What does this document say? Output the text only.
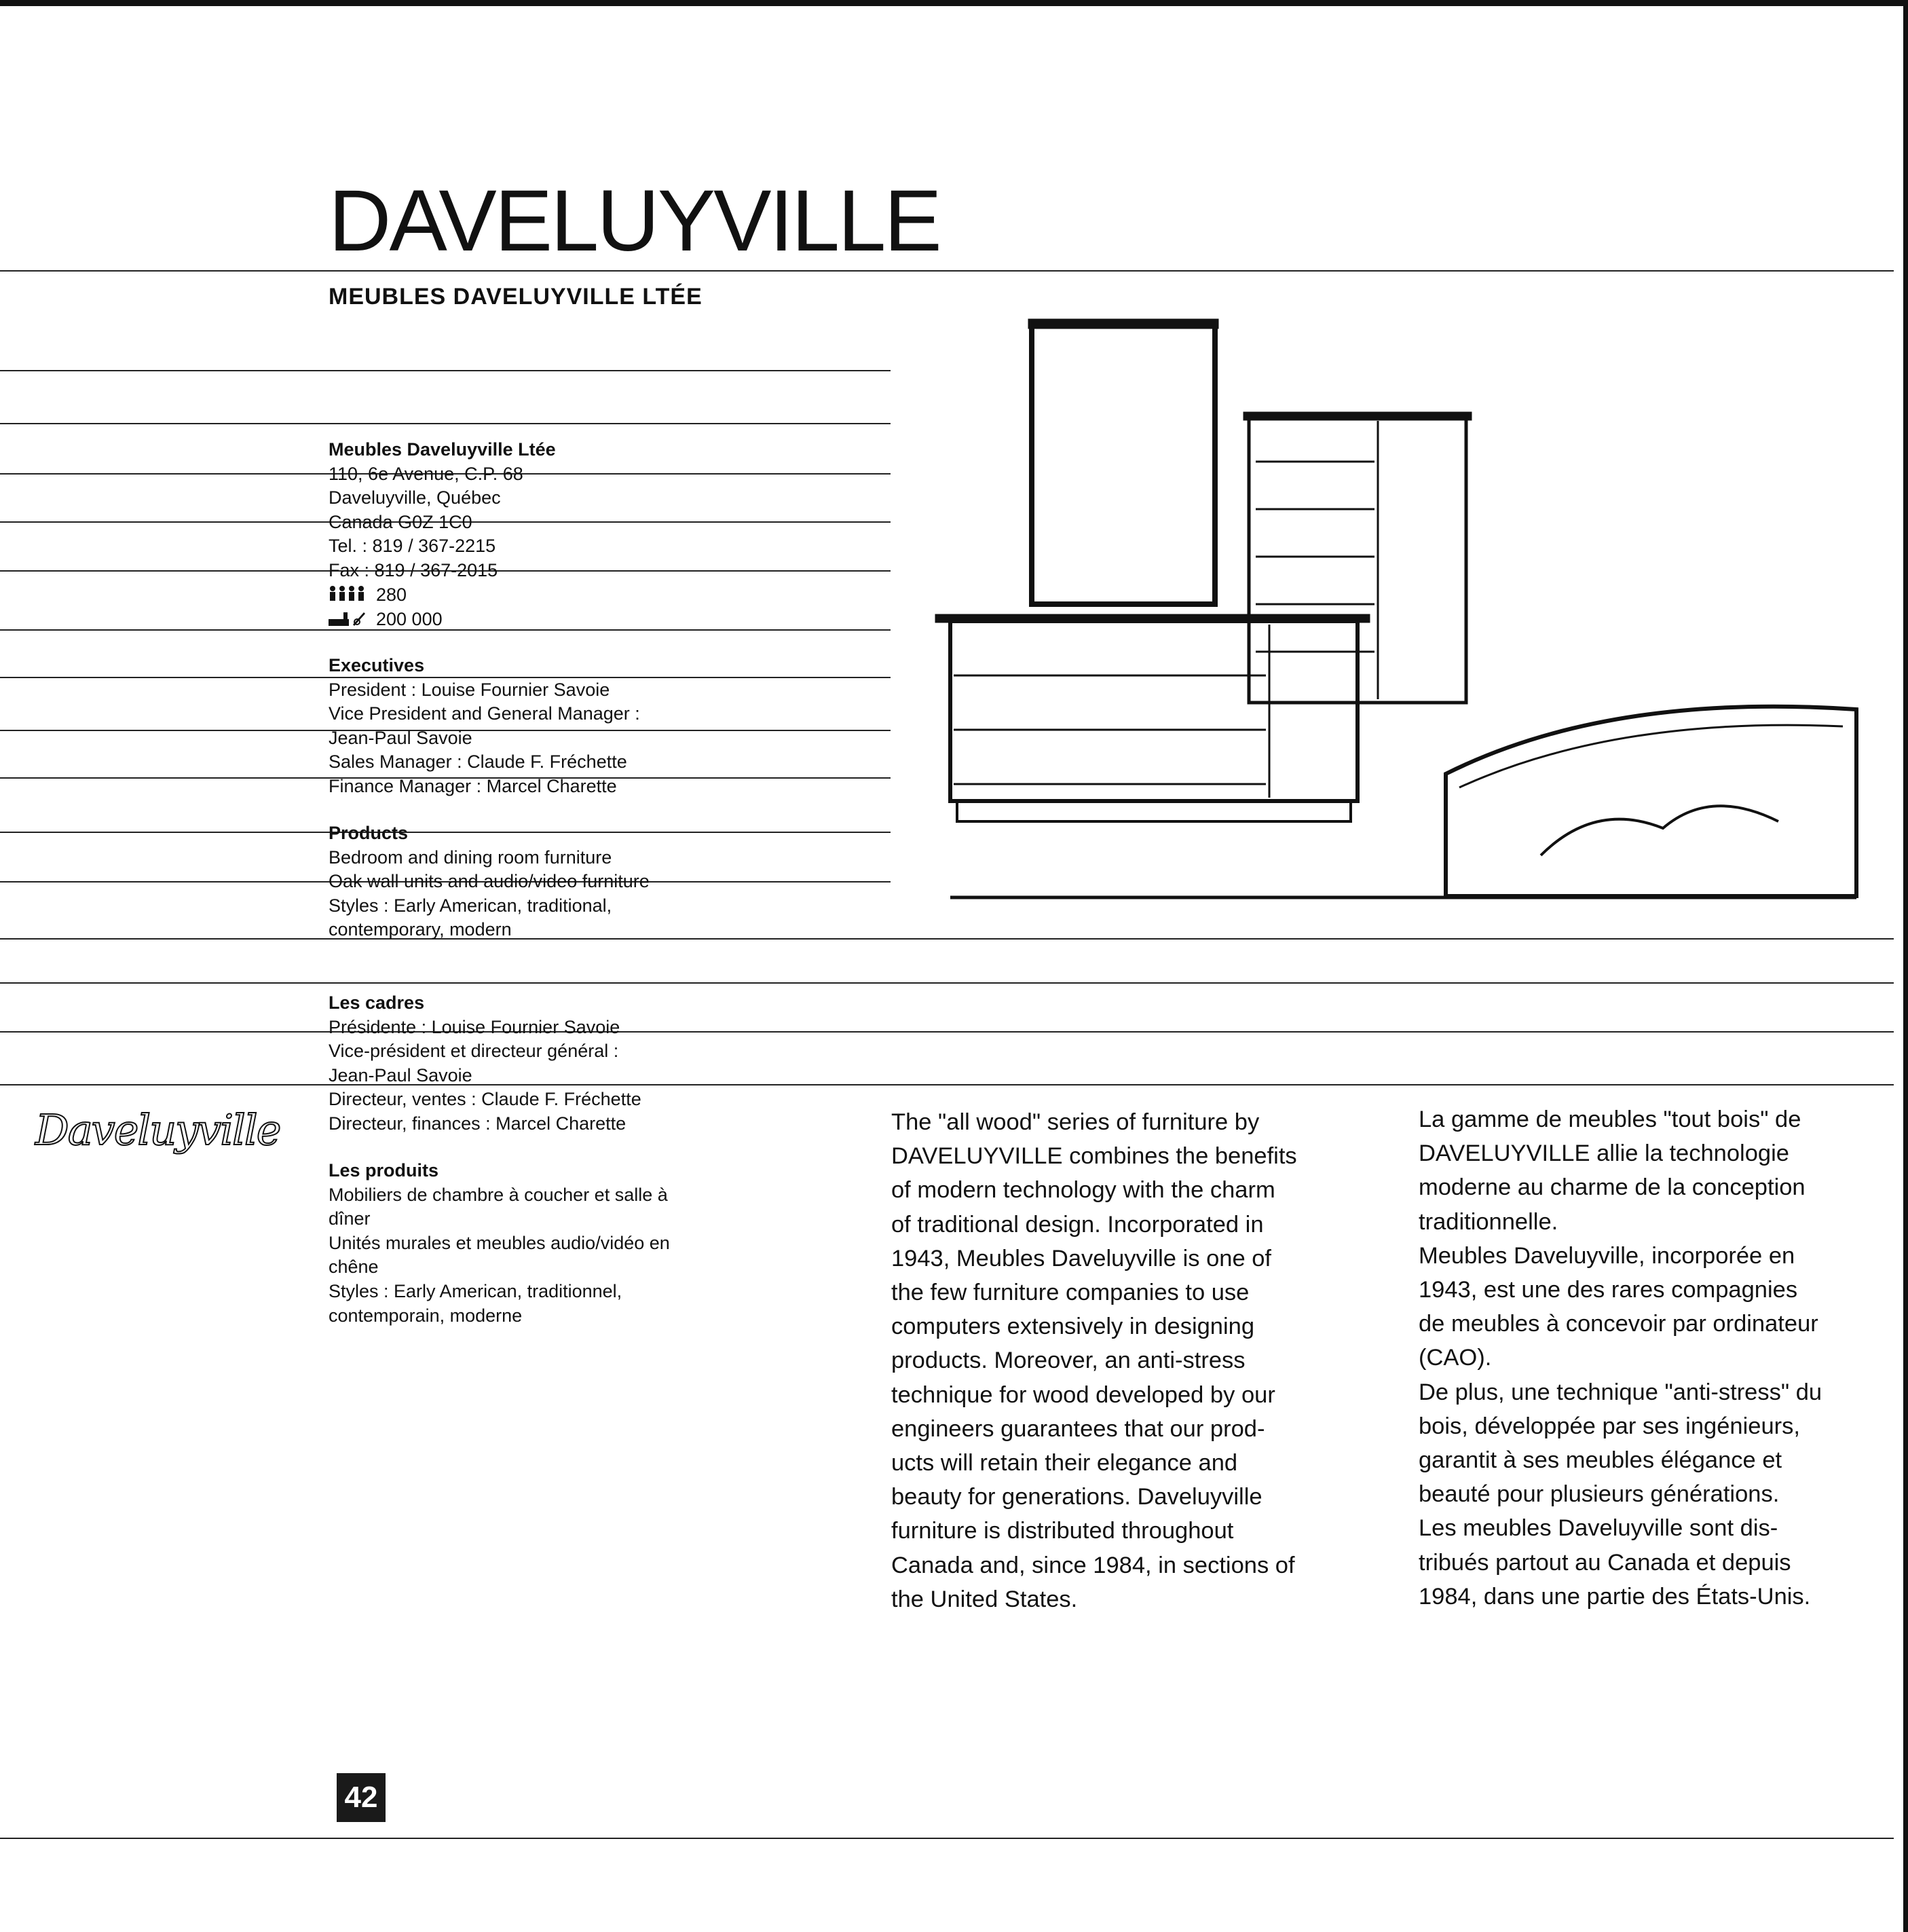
DAVELUYVILLE
MEUBLES DAVELUYVILLE LTÉE
Meubles Daveluyville Ltée
110, 6e Avenue, C.P. 68
Daveluyville, Québec
Canada G0Z 1C0
Tel. : 819 / 367-2215
Fax : 819 / 367-2015
280
200 000
Executives
President : Louise Fournier Savoie
Vice President and General Manager :
Jean-Paul Savoie
Sales Manager : Claude F. Fréchette
Finance Manager : Marcel Charette
Products
Bedroom and dining room furniture
Oak wall units and audio/video furniture
Styles : Early American, traditional,
contemporary, modern
Les cadres
Présidente : Louise Fournier Savoie
Vice-président et directeur général :
Jean-Paul Savoie
Directeur, ventes : Claude F. Fréchette
Directeur, finances : Marcel Charette
Les produits
Mobiliers de chambre à coucher et salle à
dîner
Unités murales et meubles audio/vidéo en
chêne
Styles : Early American, traditionnel,
contemporain, moderne
Daveluyville	The "all wood" series of furniture by
DAVELUYVILLE combines the benefits
of modern technology with the charm
of traditional design. Incorporated in
1943, Meubles Daveluyville is one of
the few furniture companies to use
computers extensively in designing
products. Moreover, an anti-stress
technique for wood developed by our
engineers guarantees that our prod-
ucts will retain their elegance and
beauty for generations. Daveluyville
furniture is distributed throughout
Canada and, since 1984, in sections of
the United States.
La gamme de meubles "tout bois" de
DAVELUYVILLE allie la technologie
moderne au charme de la conception
traditionnelle.
Meubles Daveluyville, incorporée en
1943, est une des rares compagnies
de meubles à concevoir par ordinateur
(CAO).
De plus, une technique "anti-stress" du
bois, développée par ses ingénieurs,
garantit à ses meubles élégance et
beauté pour plusieurs générations.
Les meubles Daveluyville sont dis-
tribués partout au Canada et depuis
1984, dans une partie des États-Unis.
42
